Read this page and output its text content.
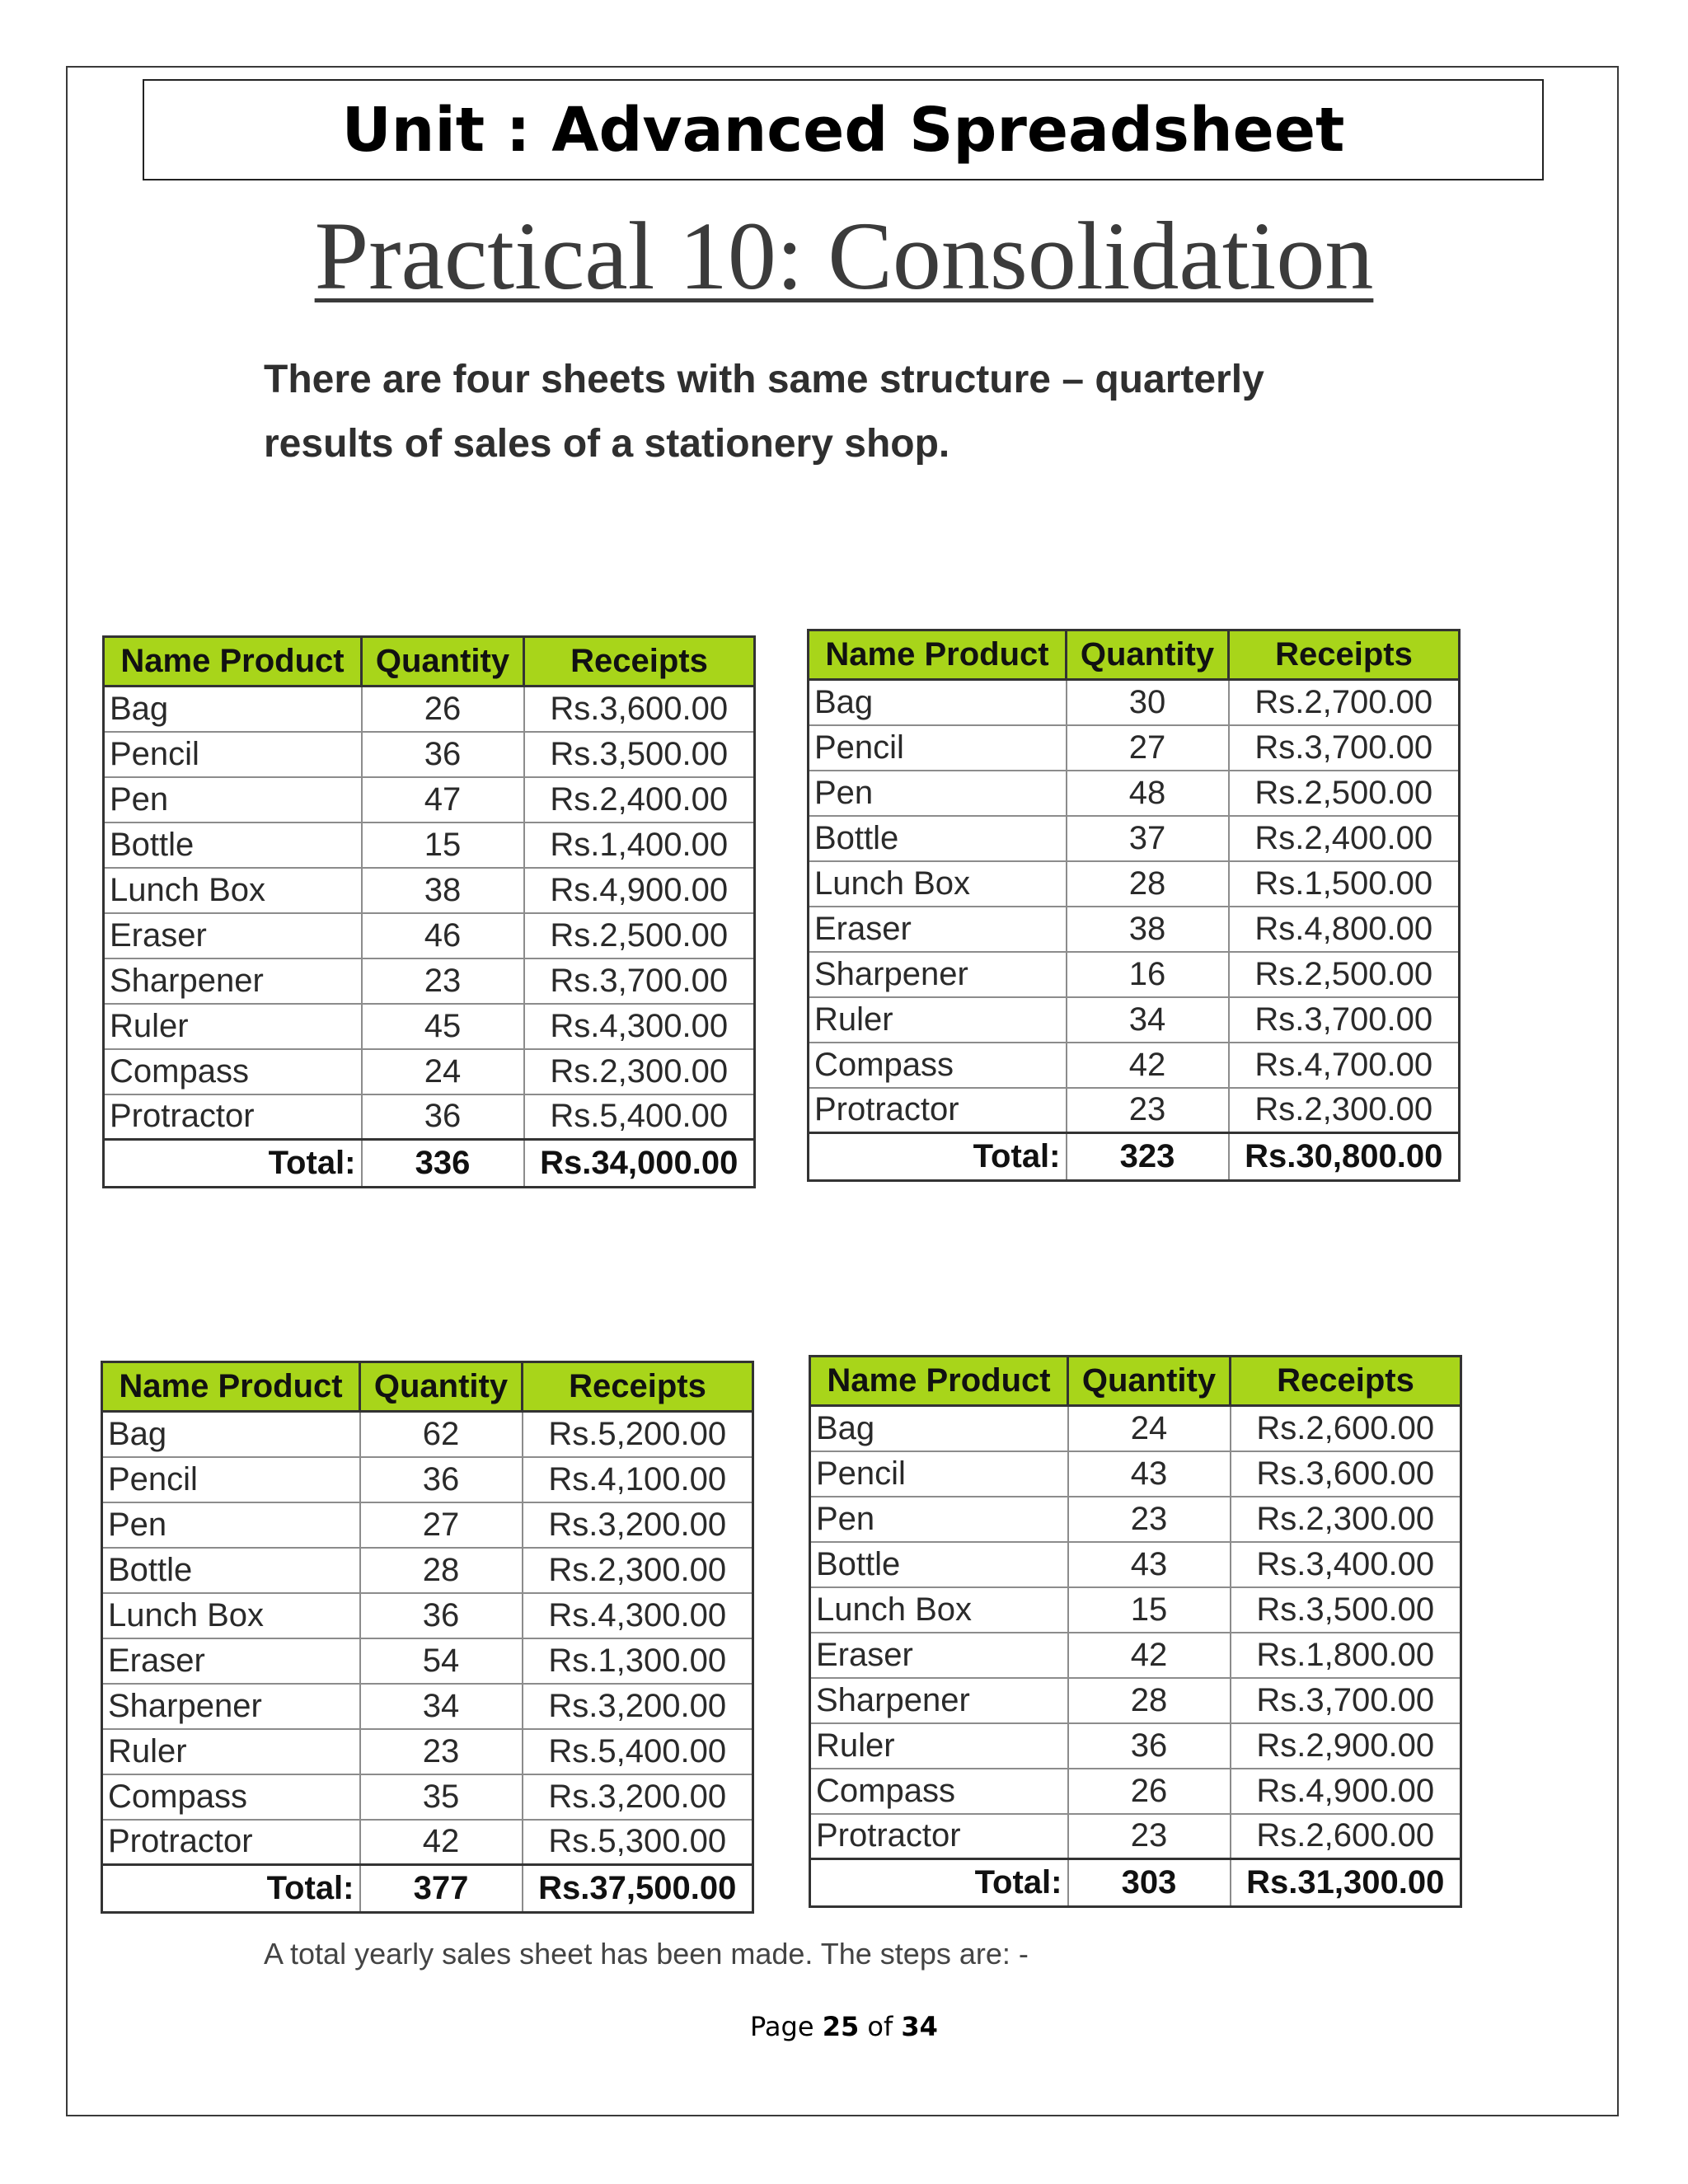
Unit : Advanced Spreadsheet
Practical 10: Consolidation
There are four sheets with same structure – quarterly
results of sales of a stationery shop.
Name Product	Quantity	Receipts
Bag	26	Rs.3,600.00
Pencil	36	Rs.3,500.00
Pen	47	Rs.2,400.00
Bottle	15	Rs.1,400.00
Lunch Box	38	Rs.4,900.00
Eraser	46	Rs.2,500.00
Sharpener	23	Rs.3,700.00
Ruler	45	Rs.4,300.00
Compass	24	Rs.2,300.00
Protractor	36	Rs.5,400.00
Total:	336	Rs.34,000.00
Name Product	Quantity	Receipts
Bag	30	Rs.2,700.00
Pencil	27	Rs.3,700.00
Pen	48	Rs.2,500.00
Bottle	37	Rs.2,400.00
Lunch Box	28	Rs.1,500.00
Eraser	38	Rs.4,800.00
Sharpener	16	Rs.2,500.00
Ruler	34	Rs.3,700.00
Compass	42	Rs.4,700.00
Protractor	23	Rs.2,300.00
Total:	323	Rs.30,800.00
Name Product	Quantity	Receipts
Bag	62	Rs.5,200.00
Pencil	36	Rs.4,100.00
Pen	27	Rs.3,200.00
Bottle	28	Rs.2,300.00
Lunch Box	36	Rs.4,300.00
Eraser	54	Rs.1,300.00
Sharpener	34	Rs.3,200.00
Ruler	23	Rs.5,400.00
Compass	35	Rs.3,200.00
Protractor	42	Rs.5,300.00
Total:	377	Rs.37,500.00
Name Product	Quantity	Receipts
Bag	24	Rs.2,600.00
Pencil	43	Rs.3,600.00
Pen	23	Rs.2,300.00
Bottle	43	Rs.3,400.00
Lunch Box	15	Rs.3,500.00
Eraser	42	Rs.1,800.00
Sharpener	28	Rs.3,700.00
Ruler	36	Rs.2,900.00
Compass	26	Rs.4,900.00
Protractor	23	Rs.2,600.00
Total:	303	Rs.31,300.00
A total yearly sales sheet has been made. The steps are: -
Page 25 of 34
